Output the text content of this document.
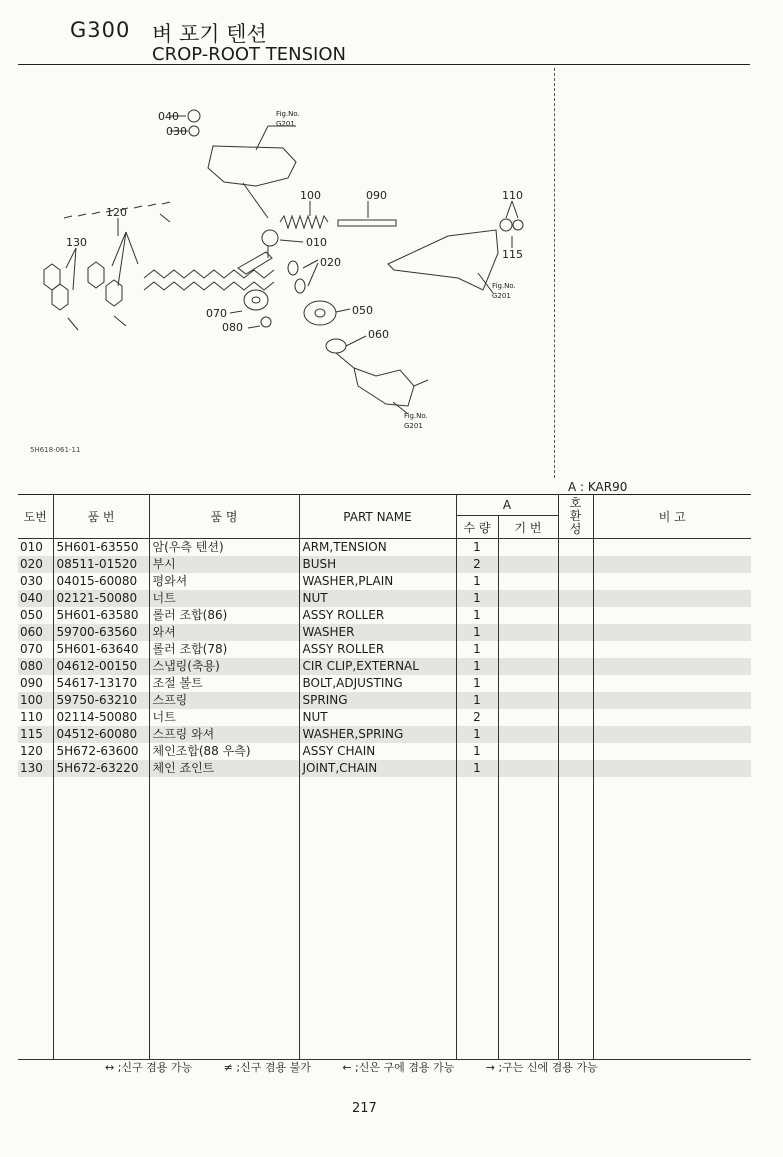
G300 벼 포기 텐션
CROP-ROOT TENSION
040
030
100	090	110
120
130	010
020
115
070
080
050
060
Fig.No.
G201
Fig.No.
G201
Fig.No.
G201
5H618-061-11
A : KAR90
도번	품 번	품 명	PART NAME	A		호
환
성	비 고
				수 량	기 번		
010	5H601-63550	암(우측 텐션)	ARM,TENSION	1			
020	08511-01520	부시	BUSH	2			
030	04015-60080	평와셔	WASHER,PLAIN	1			
040	02121-50080	너트	NUT	1			
050	5H601-63580	롤러 조합(86)	ASSY ROLLER	1			
060	59700-63560	와셔	WASHER	1			
070	5H601-63640	롤러 조합(78)	ASSY ROLLER	1			
080	04612-00150	스냅링(축용)	CIR CLIP,EXTERNAL	1			
090	54617-13170	조절 볼트	BOLT,ADJUSTING	1			
100	59750-63210	스프링	SPRING	1			
110	02114-50080	너트	NUT	2			
115	04512-60080	스프링 와셔	WASHER,SPRING	1			
120	5H672-63600	체인조합(88 우측)	ASSY CHAIN	1			
130	5H672-63220	체인 죠인트	JOINT,CHAIN	1			

↔ ;신구 겸용 가능	≠ ;신구 겸용 불가	← ;신은 구에 겸용 가능	→ ;구는 신에 겸용 가능
217
